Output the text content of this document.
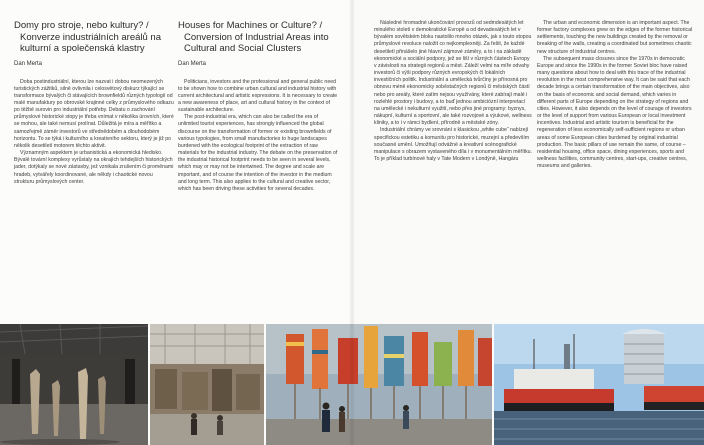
Domy pro stroje, nebo kultury? /
Konverze industriálních areálů na kulturní a společenská klastry
Dan Merta

Doba postindustriální, kterou lze nazvat i dobou neomezených turistických zážitků, silně ovlivnila i celosvětový diskurz týkající se transformace bývalých či stávajících brownfieldů různých typologií od malé manufaktury po obrovské krajinné celky z průmyslového odkazu po těžbě surovin pro industriální potřeby. Debatu o zachování průmyslové historické stopy je třeba vnímat v několika úrovních, které se mohou, ale také nemusí prolínat. Důležitá je míra a měřítko a samozřejmě záměr investorů ve střednědobém a dlouhodobém horizontu. To se týká i kulturního a kreativního sektoru, který je již po několik desetiletí motorem těchto aktivit.

Významným aspektem je urbanistická a ekonomická hledisko. Bývalé tovární komplexy vyrůstaly na okrajích tehdejších historických jader, dotýkaly se nové zástavby, jež vznikala zrušením či proměnami hradeb, vytvářely koordinované, ale někdy i chaotické novou strukturu průmyslových center.

Houses for Machines or Culture? /
Conversion of Industrial Areas into Cultural and Social Clusters
Dan Merta

Politicians, investors and the professional and general public need to be shown how to combine urban cultural and industrial history with current architectural and artistic expressions. It is necessary to create a new awareness of place, art and cultural history in the context of sustainable architecture.

The post-industrial era, which can also be called the era of unlimited tourist experiences, has strongly influenced the global discourse on the transformation of former or existing brownfields of various typologies, from small manufactories to huge landscapes burdened with the ecological footprint of the extraction of raw materials for the industrial industry. The debate on the preservation of the industrial historical footprint needs to be seen in several levels, which may or may not be intertwined. The degree and scale are important, and of course the intention of the investor in the medium and long term. This also applies to the cultural and creative sector, which has been driving these activities for several decades.

Následné hromadné ukončování provozů od sedmdesátých let minulého století v demokratické Evropě a od devadesátých let v bývalém sovětském bloku nastolilo mnoho otázek, jak s touto stopou průmyslové revoluce naložit co nejkomplexněji. Za řešit, že každé desetiletí přinášelo jiné hlavní zájmové záměry, a to i na základě ekonomické a sociální podpory, jež se liší v různých částech Evropy v závislosti na strategii regionů a měst. Záleží velmi na míře odvahy investorů či výši podpory různých evropských či lokálních investičních politik. Industriální a umělecká tvůrčiny je přínosná pro obnovu méně ekonomicky soběstačných regionů či městských částí nebo pro areály, které zatím nejsou využívány, které zabírají malé i rozlehlé prostory i budovy, a to buď jednou ambiciózní interpretací na umělecké i nekulturní využití, nebo přes jiné programy: byznys, nákupní, kulturní a sportovní, ale také rozvojové a výukové, wellness kliniky, a to i v rámci bydlení, přírodně a městské zóny.

Industriální chrámy ve srovnání s klasickou „white cube“ nabízejí specifickou estetiku a komunitu pro historické, muzejní a především současné umění. Umožňují odvážné a kreativní scénografické manipulace s obrazem vystaveného díla i v monumentálním měřítku. To je příklad turbínové haly v Tate Modern v Londýně, Hangáru

The urban and economic dimension is an important aspect. The former factory complexes grew on the edges of the former historical settlements, touching the new buildings created by the removal or breaking of the walls, creating a coordinated but sometimes chaotic new structure of industrial centres.

The subsequent mass closures since the 1970s in democratic Europe and since the 1990s in the former Soviet bloc have raised many questions about how to deal with this trace of the industrial revolution in the most comprehensive way. It can be said that each decade brings a certain transformation of the main objectives, also on the basis of economic and social demand, which varies in different parts of Europe depending on the strategy of regions and cities. However, it also depends on the level of courage of investors or the level of support from various European or local investment incentives. Industrial and artistic tourism is beneficial for the regeneration of less economically self-sufficient regions or urban areas of some European cities burdened by original industrial production. The basic pillars of use remain the same, of course – residential housing, office space, dining experiences, sports and wellness facilities, community centres, start-ups, creative centres, museums and galleries.
